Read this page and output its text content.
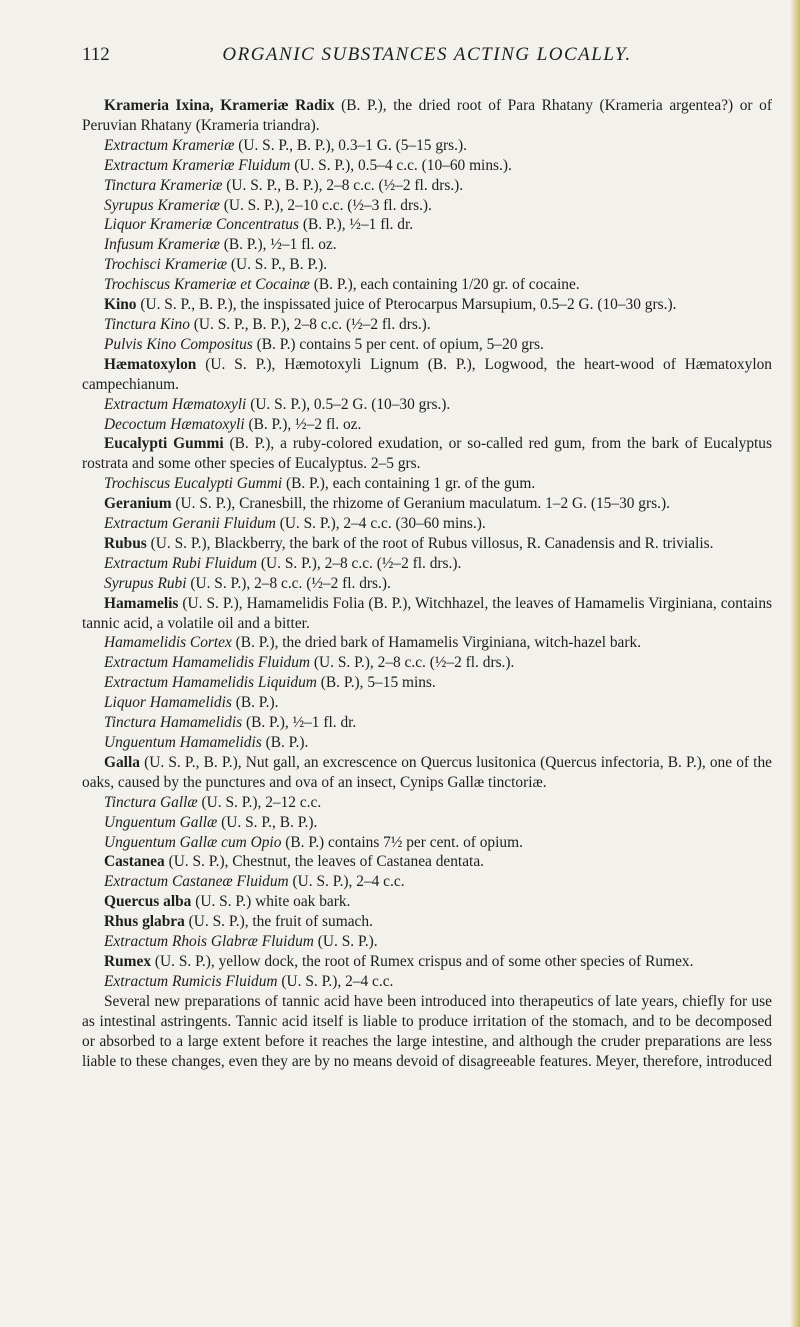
112	ORGANIC SUBSTANCES ACTING LOCALLY.

Krameria Ixina, Krameriæ Radix (B. P.), the dried root of Para Rhatany (Krameria argentea?) or of Peruvian Rhatany (Krameria triandra).

Extractum Krameriæ (U. S. P., B. P.), 0.3–1 G. (5–15 grs.).

Extractum Krameriæ Fluidum (U. S. P.), 0.5–4 c.c. (10–60 mins.).

Tinctura Krameriæ (U. S. P., B. P.), 2–8 c.c. (½–2 fl. drs.).

Syrupus Krameriæ (U. S. P.), 2–10 c.c. (½–3 fl. drs.).

Liquor Krameriæ Concentratus (B. P.), ½–1 fl. dr.

Infusum Krameriæ (B. P.), ½–1 fl. oz.

Trochisci Krameriæ (U. S. P., B. P.).

Trochiscus Krameriæ et Cocainæ (B. P.), each containing 1/20 gr. of cocaine.

Kino (U. S. P., B. P.), the inspissated juice of Pterocarpus Marsupium, 0.5–2 G. (10–30 grs.).

Tinctura Kino (U. S. P., B. P.), 2–8 c.c. (½–2 fl. drs.).

Pulvis Kino Compositus (B. P.) contains 5 per cent. of opium, 5–20 grs.

Hæmatoxylon (U. S. P.), Hæmotoxyli Lignum (B. P.), Logwood, the heart-wood of Hæmatoxylon campechianum.

Extractum Hæmatoxyli (U. S. P.), 0.5–2 G. (10–30 grs.).

Decoctum Hæmatoxyli (B. P.), ½–2 fl. oz.

Eucalypti Gummi (B. P.), a ruby-colored exudation, or so-called red gum, from the bark of Eucalyptus rostrata and some other species of Eucalyptus. 2–5 grs.

Trochiscus Eucalypti Gummi (B. P.), each containing 1 gr. of the gum.

Geranium (U. S. P.), Cranesbill, the rhizome of Geranium maculatum. 1–2 G. (15–30 grs.).

Extractum Geranii Fluidum (U. S. P.), 2–4 c.c. (30–60 mins.).

Rubus (U. S. P.), Blackberry, the bark of the root of Rubus villosus, R. Canadensis and R. trivialis.

Extractum Rubi Fluidum (U. S. P.), 2–8 c.c. (½–2 fl. drs.).

Syrupus Rubi (U. S. P.), 2–8 c.c. (½–2 fl. drs.).

Hamamelis (U. S. P.), Hamamelidis Folia (B. P.), Witchhazel, the leaves of Hamamelis Virginiana, contains tannic acid, a volatile oil and a bitter.

Hamamelidis Cortex (B. P.), the dried bark of Hamamelis Virginiana, witch-hazel bark.

Extractum Hamamelidis Fluidum (U. S. P.), 2–8 c.c. (½–2 fl. drs.).

Extractum Hamamelidis Liquidum (B. P.), 5–15 mins.

Liquor Hamamelidis (B. P.).

Tinctura Hamamelidis (B. P.), ½–1 fl. dr.

Unguentum Hamamelidis (B. P.).

Galla (U. S. P., B. P.), Nut gall, an excrescence on Quercus lusitonica (Quercus infectoria, B. P.), one of the oaks, caused by the punctures and ova of an insect, Cynips Gallæ tinctoriæ.

Tinctura Gallæ (U. S. P.), 2–12 c.c.

Unguentum Gallæ (U. S. P., B. P.).

Unguentum Gallæ cum Opio (B. P.) contains 7½ per cent. of opium.

Castanea (U. S. P.), Chestnut, the leaves of Castanea dentata.

Extractum Castaneæ Fluidum (U. S. P.), 2–4 c.c.

Quercus alba (U. S. P.) white oak bark.

Rhus glabra (U. S. P.), the fruit of sumach.

Extractum Rhois Glabræ Fluidum (U. S. P.).

Rumex (U. S. P.), yellow dock, the root of Rumex crispus and of some other species of Rumex.

Extractum Rumicis Fluidum (U. S. P.), 2–4 c.c.

Several new preparations of tannic acid have been introduced into therapeutics of late years, chiefly for use as intestinal astringents. Tannic acid itself is liable to produce irritation of the stomach, and to be decomposed or absorbed to a large extent before it reaches the large intestine, and although the cruder preparations are less liable to these changes, even they are by no means devoid of disagreeable features. Meyer, therefore, introduced
